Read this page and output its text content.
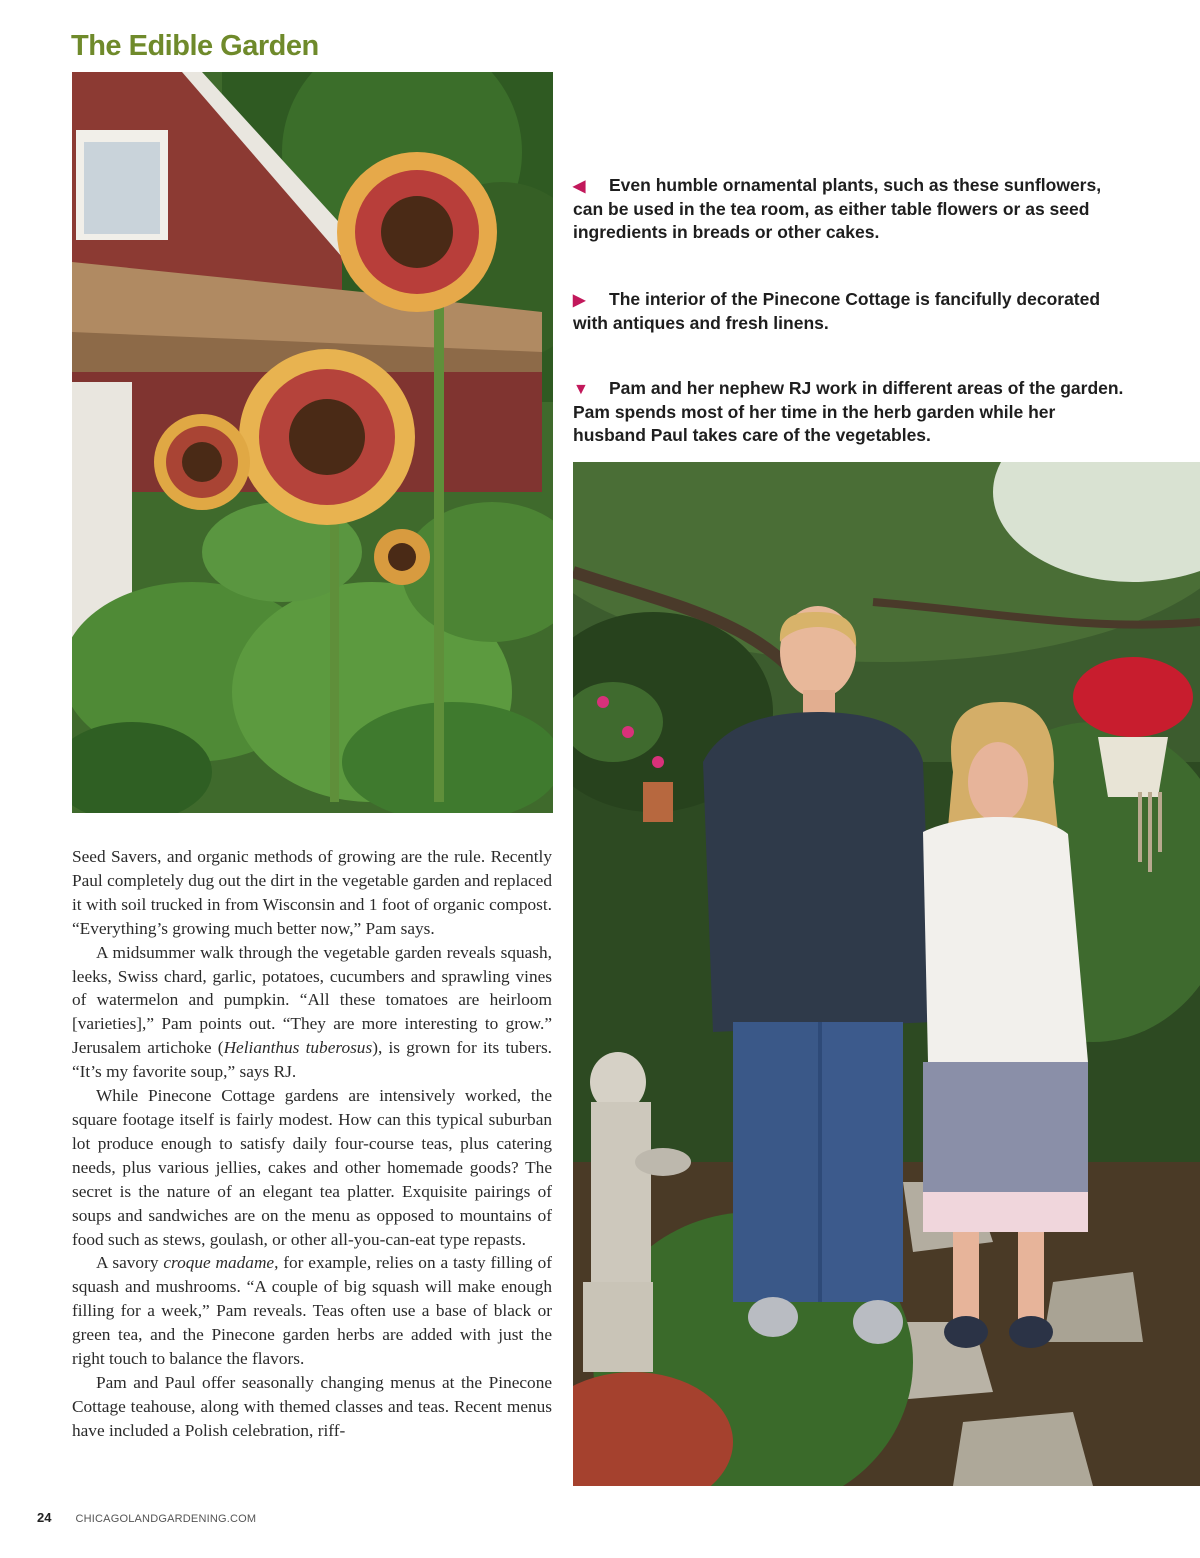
The Edible Garden
◀ Even humble ornamental plants, such as these sunflowers, can be used in the tea room, as either table flowers or as seed ingredients in breads or other cakes.
▶ The interior of the Pinecone Cottage is fancifully decorated with antiques and fresh linens.
▼ Pam and her nephew RJ work in different areas of the garden. Pam spends most of her time in the herb garden while her husband Paul takes care of the vegetables.

Seed Savers, and organic methods of growing are the rule. Recently Paul completely dug out the dirt in the vegetable garden and replaced it with soil trucked in from Wisconsin and 1 foot of organic compost. “Everything’s growing much better now,” Pam says.

A midsummer walk through the vegetable garden reveals squash, leeks, Swiss chard, garlic, potatoes, cucumbers and sprawling vines of watermelon and pumpkin. “All these tomatoes are heirloom [varieties],” Pam points out. “They are more interesting to grow.” Jerusalem artichoke (Helianthus tuberosus), is grown for its tubers. “It’s my favorite soup,” says RJ.

While Pinecone Cottage gardens are intensively worked, the square footage itself is fairly modest. How can this typical suburban lot produce enough to satisfy daily four-course teas, plus catering needs, plus various jellies, cakes and other homemade goods? The secret is the nature of an elegant tea platter. Exquisite pairings of soups and sandwiches are on the menu as opposed to mountains of food such as stews, goulash, or other all-you-can-eat type repasts.

A savory croque madame, for example, relies on a tasty filling of squash and mushrooms. “A couple of big squash will make enough filling for a week,” Pam reveals. Teas often use a base of black or green tea, and the Pinecone garden herbs are added with just the right touch to balance the flavors.

Pam and Paul offer seasonally changing menus at the Pinecone Cottage teahouse, along with themed classes and teas. Recent menus have included a Polish celebration, riff-

24 CHICAGOLANDGARDENING.COM
